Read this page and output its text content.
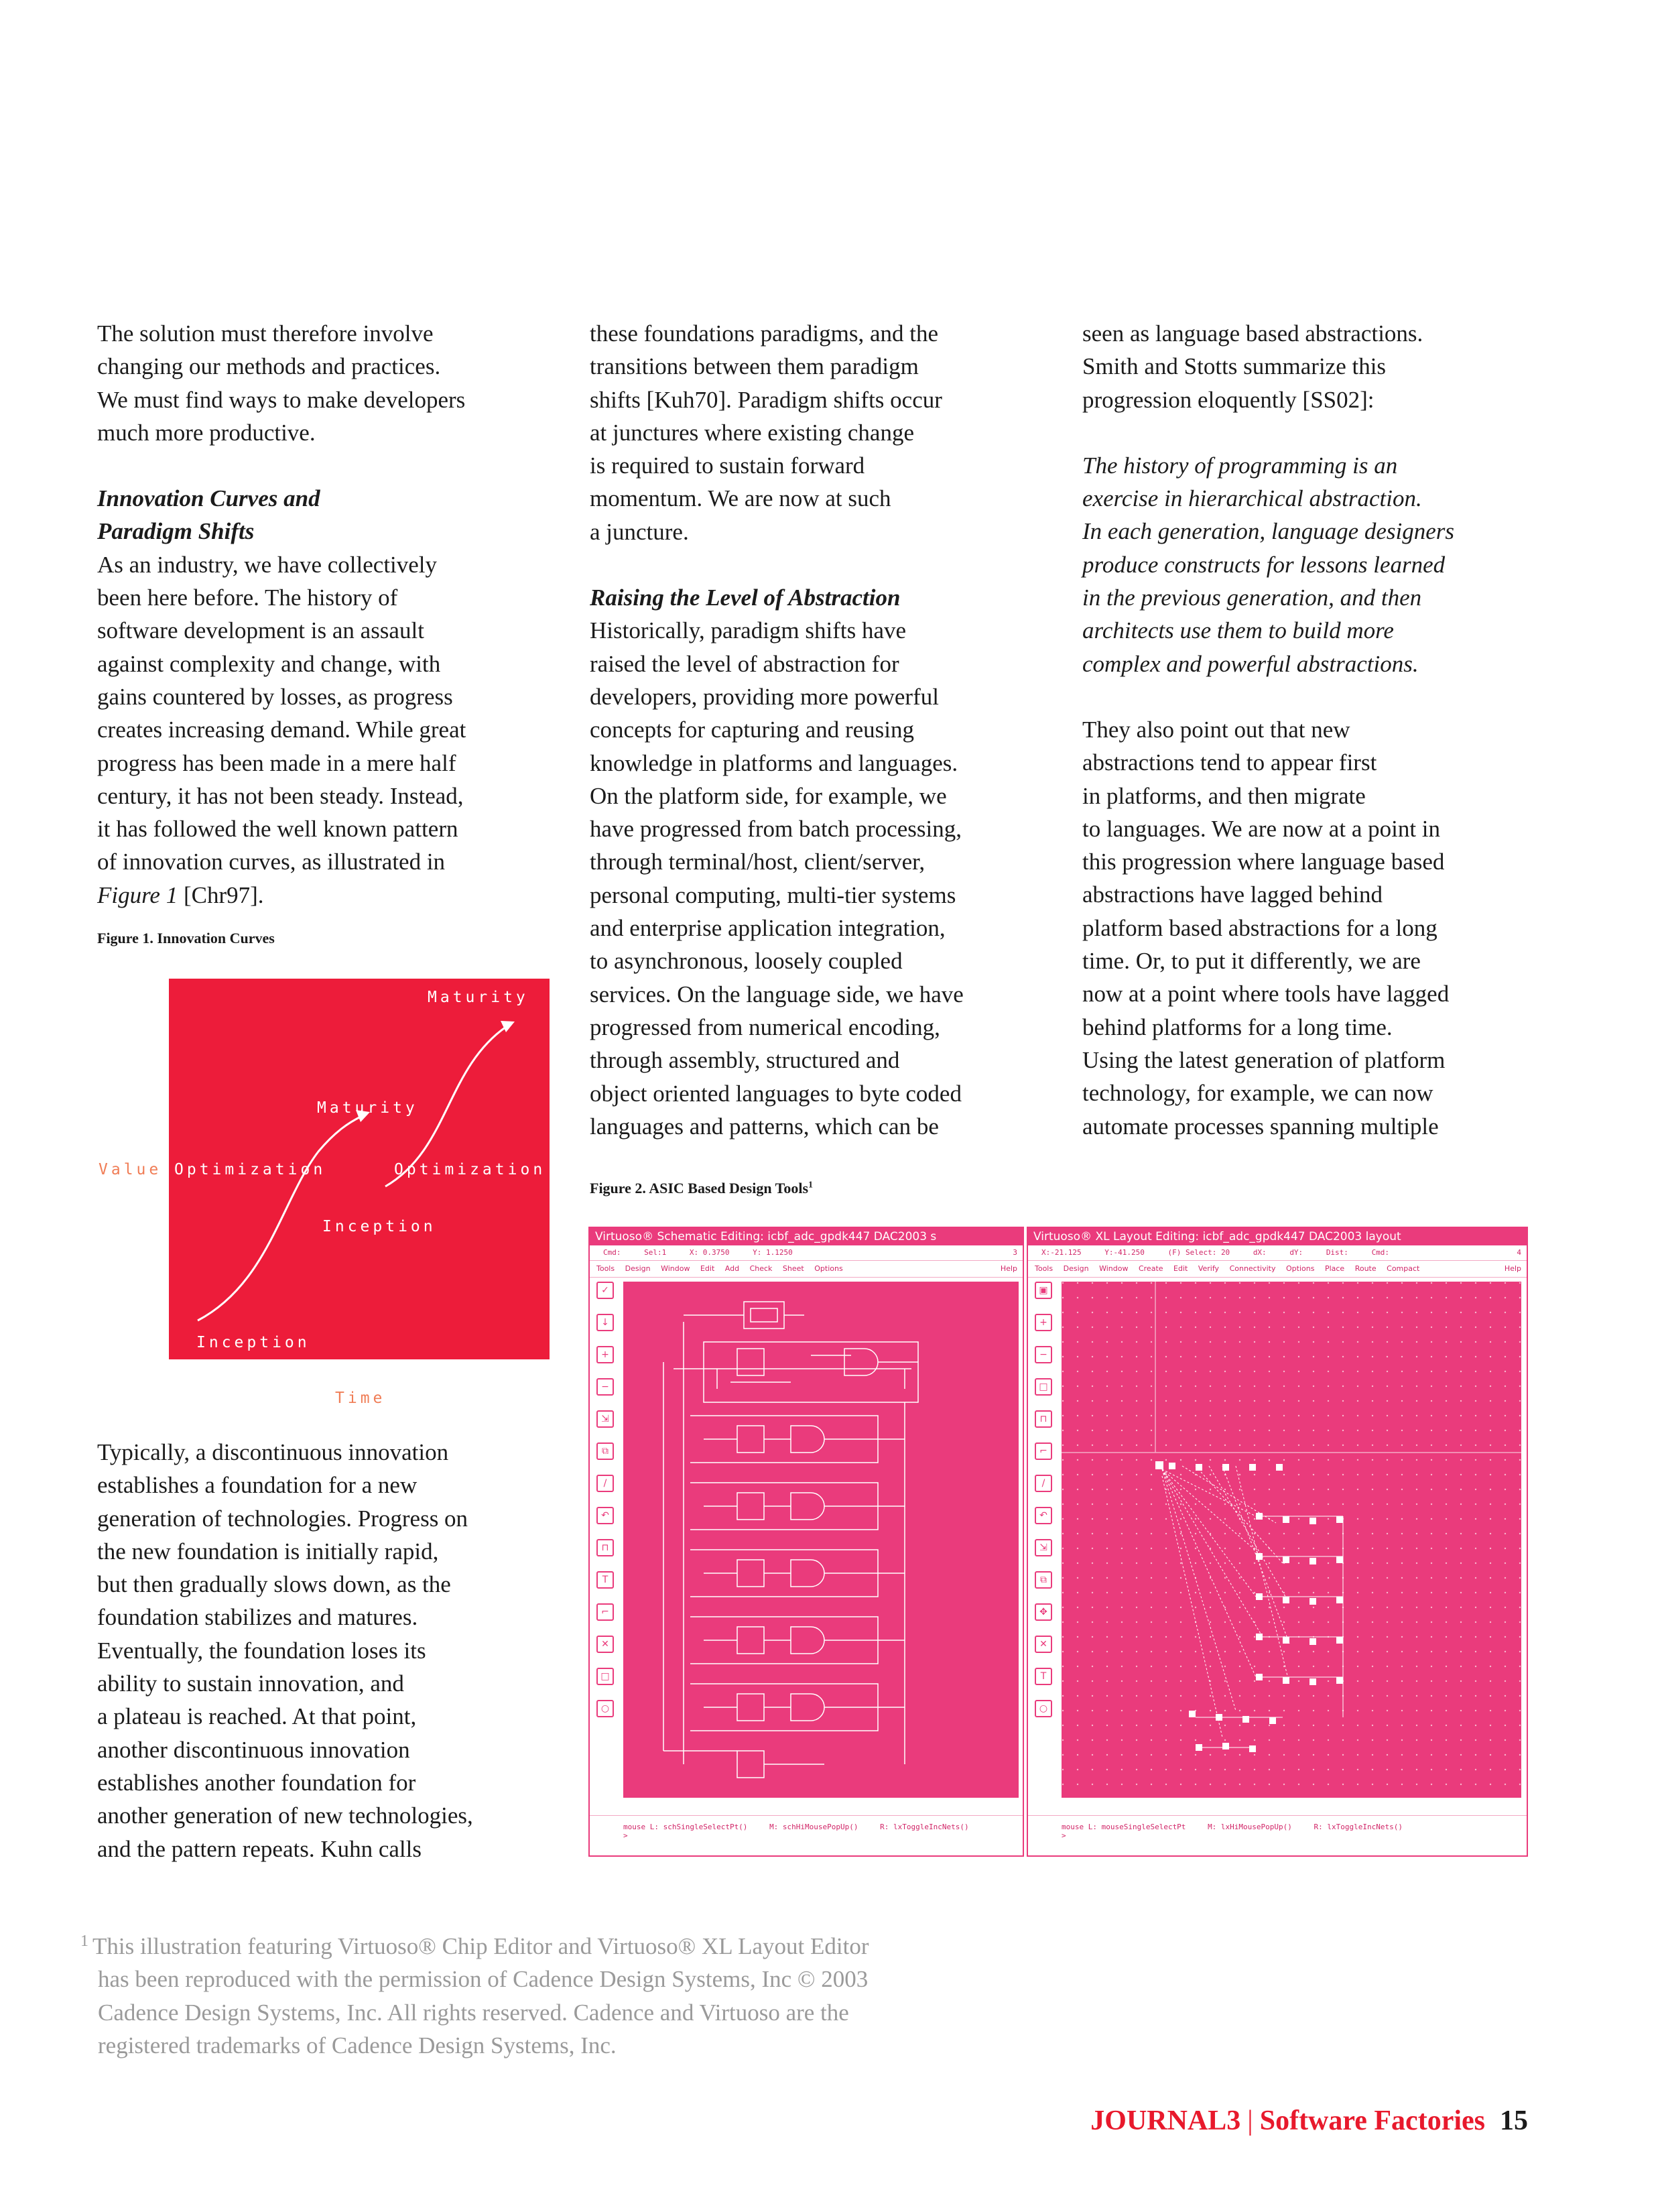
The solution must therefore involve
changing our methods and practices.
We must find ways to make developers
much more productive.

Innovation Curves and
Paradigm Shifts

As an industry, we have collectively
been here before. The history of
software development is an assault
against complexity and change, with
gains countered by losses, as progress
creates increasing demand. While great
progress has been made in a mere half
century, it has not been steady. Instead,
it has followed the well known pattern
of innovation curves, as illustrated in
Figure 1 [Chr97].

Figure 1. Innovation Curves
Maturity
Maturity
Optimization	Optimization
Inception
Inception
Value
Time

Typically, a discontinuous innovation
establishes a foundation for a new
generation of technologies. Progress on
the new foundation is initially rapid,
but then gradually slows down, as the
foundation stabilizes and matures.
Eventually, the foundation loses its
ability to sustain innovation, and
a plateau is reached. At that point,
another discontinuous innovation
establishes another foundation for
another generation of new technologies,
and the pattern repeats. Kuhn calls

these foundations paradigms, and the
transitions between them paradigm
shifts [Kuh70]. Paradigm shifts occur
at junctures where existing change
is required to sustain forward
momentum. We are now at such
a juncture.

Raising the Level of Abstraction

Historically, paradigm shifts have
raised the level of abstraction for
developers, providing more powerful
concepts for capturing and reusing
knowledge in platforms and languages.
On the platform side, for example, we
have progressed from batch processing,
through terminal/host, client/server,
personal computing, multi-tier systems
and enterprise application integration,
to asynchronous, loosely coupled
services. On the language side, we have
progressed from numerical encoding,
through assembly, structured and
object oriented languages to byte coded
languages and patterns, which can be

Figure 2. ASIC Based Design Tools$^1$

seen as language based abstractions.
Smith and Stotts summarize this
progression eloquently [SS02]:

The history of programming is an
exercise in hierarchical abstraction.
In each generation, language designers
produce constructs for lessons learned
in the previous generation, and then
architects use them to build more
complex and powerful abstractions.

They also point out that new
abstractions tend to appear first
in platforms, and then migrate
to languages. We are now at a point in
this progression where language based
abstractions have lagged behind
platform based abstractions for a long
time. Or, to put it differently, we are
now at a point where tools have lagged
behind platforms for a long time.
Using the latest generation of platform
technology, for example, we can now
automate processes spanning multiple

Virtuoso® Schematic Editing: icbf_adc_gpdk447 DAC2003 s
Cmd:	Sel:1	X: 0.3750	Y: 1.1250	3
Tools Design Window Edit Add Check Sheet Options	Help
✓
↓
+
−
⇲
⧉
/
↶
⊓
T
⌐
✕
□
○
mouse L: schSingleSelectPt()	M: schHiMousePopUp()	R: lxToggleIncNets()
>
Virtuoso® XL Layout Editing: icbf_adc_gpdk447 DAC2003 layout
X:-21.125	Y:-41.250	(F) Select: 20	dX:	dY:	Dist:	Cmd:	4
Tools Design Window Create Edit Verify Connectivity Options Place Route Compact	Help
▣
+
−
□
⊓
⌐
/
↶
⇲
⧉
✥
✕
T
○
mouse L: mouseSingleSelectPt	M: lxHiMousePopUp()	R: lxToggleIncNets()
>
$^1$ This illustration featuring Virtuoso® Chip Editor and Virtuoso® XL Layout Editor
has been reproduced with the permission of Cadence Design Systems, Inc © 2003
Cadence Design Systems, Inc. All rights reserved. Cadence and Virtuoso are the
registered trademarks of Cadence Design Systems, Inc.
JOURNAL3 | Software Factories 15
